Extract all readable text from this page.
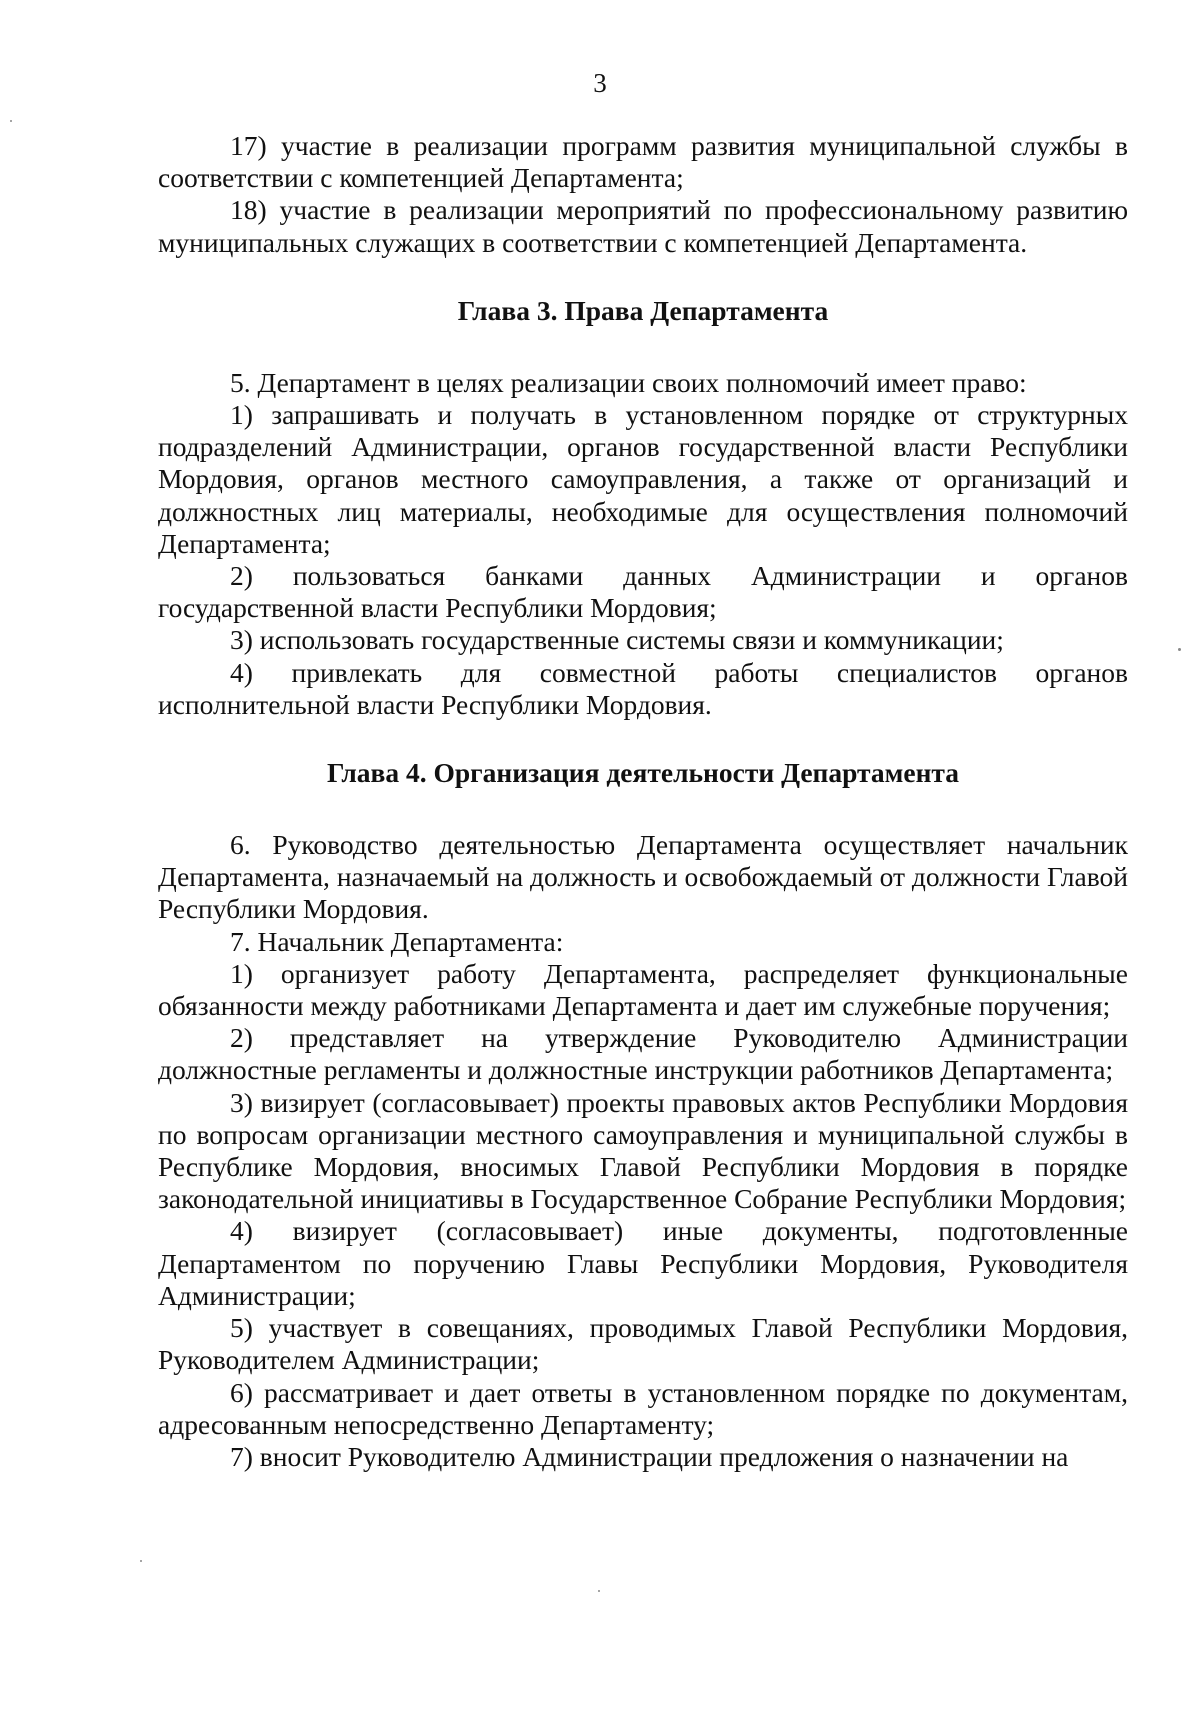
3

17) участие в реализации программ развития муниципальной службы в соответствии с компетенцией Департамента;

18) участие в реализации мероприятий по профессиональному развитию муниципальных служащих в соответствии с компетенцией Департамента.

Глава 3. Права Департамента

5. Департамент в целях реализации своих полномочий имеет право:

1) запрашивать и получать в установленном порядке от структурных подразделений Администрации, органов государственной власти Республики Мордовия, органов местного самоуправления, а также от организаций и должностных лиц материалы, необходимые для осуществления полномочий Департамента;

2) пользоваться банками данных Администрации и органов государственной власти Республики Мордовия;

3) использовать государственные системы связи и коммуникации;

4) привлекать для совместной работы специалистов органов исполнительной власти Республики Мордовия.

Глава 4. Организация деятельности Департамента

6. Руководство деятельностью Департамента осуществляет начальник Департамента, назначаемый на должность и освобождаемый от должности Главой Республики Мордовия.

7. Начальник Департамента:

1) организует работу Департамента, распределяет функциональные обязанности между работниками Департамента и дает им служебные поручения;

2) представляет на утверждение Руководителю Администрации должностные регламенты и должностные инструкции работников Департамента;

3) визирует (согласовывает) проекты правовых актов Республики Мордовия по вопросам организации местного самоуправления и муниципальной службы в Республике Мордовия, вносимых Главой Республики Мордовия в порядке законодательной инициативы в Государственное Собрание Республики Мордовия;

4) визирует (согласовывает) иные документы, подготовленные Департаментом по поручению Главы Республики Мордовия, Руководителя Администрации;

5) участвует в совещаниях, проводимых Главой Республики Мордовия, Руководителем Администрации;

6) рассматривает и дает ответы в установленном порядке по документам, адресованным непосредственно Департаменту;

7) вносит Руководителю Администрации предложения о назначении на
